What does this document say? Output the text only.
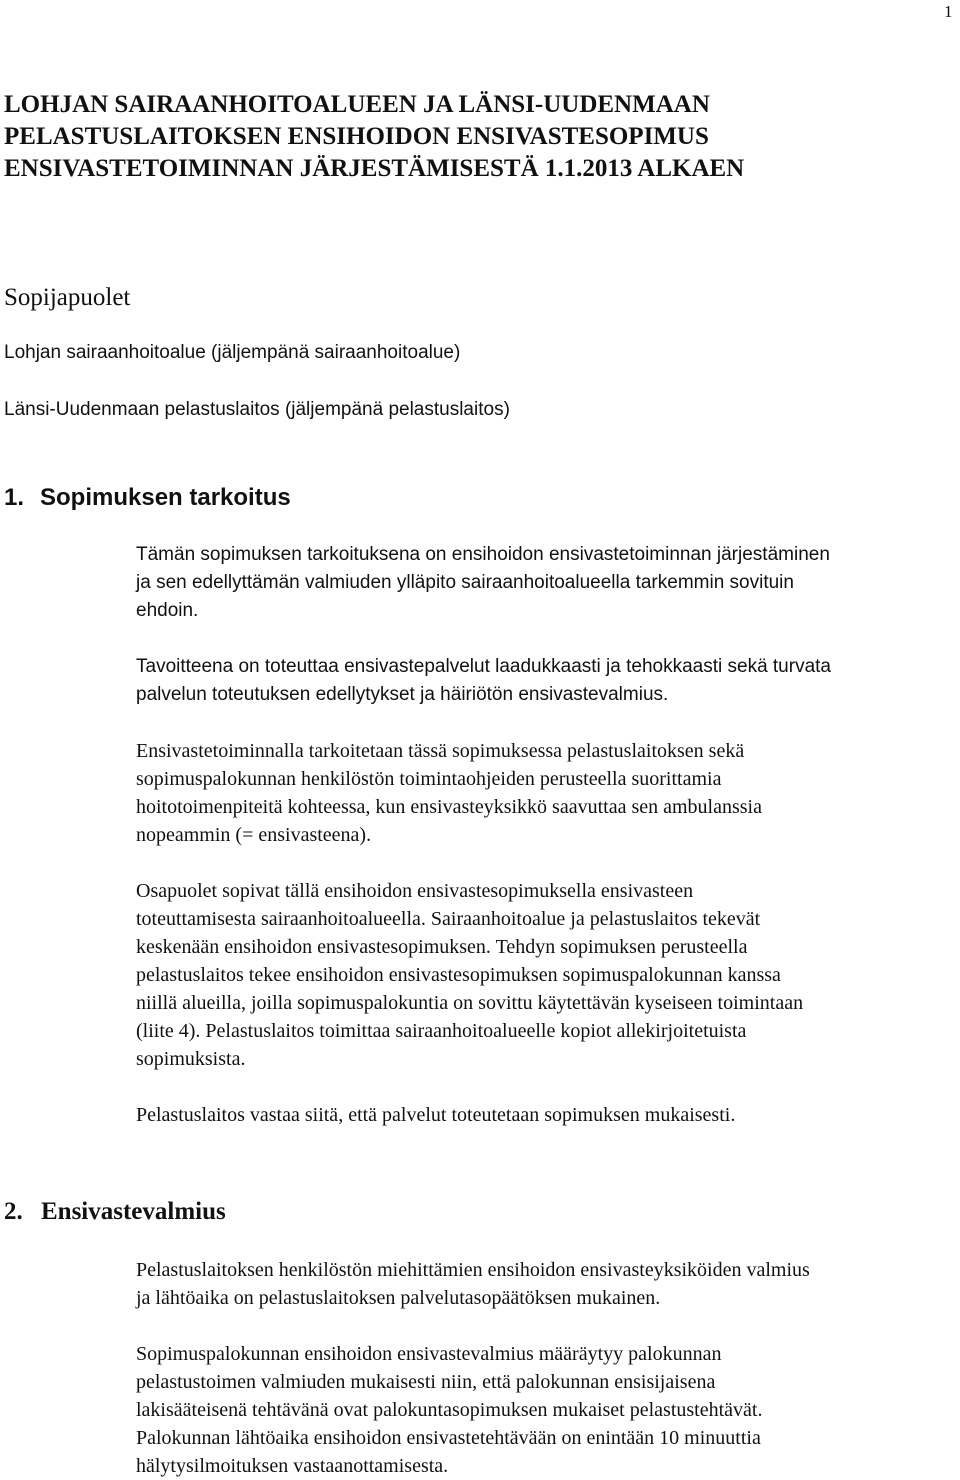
1
LOHJAN SAIRAANHOITOALUEEN JA LÄNSI-UUDENMAAN
PELASTUSLAITOKSEN ENSIHOIDON ENSIVASTESOPIMUS
ENSIVASTETOIMINNAN JÄRJESTÄMISESTÄ 1.1.2013 ALKAEN
Sopijapuolet
Lohjan sairaanhoitoalue (jäljempänä sairaanhoitoalue)
Länsi-Uudenmaan pelastuslaitos (jäljempänä pelastuslaitos)
1. Sopimuksen tarkoitus

Tämän sopimuksen tarkoituksena on ensihoidon ensivastetoiminnan järjestäminen
ja sen edellyttämän valmiuden ylläpito sairaanhoitoalueella tarkemmin sovituin
ehdoin.

Tavoitteena on toteuttaa ensivastepalvelut laadukkaasti ja tehokkaasti sekä turvata
palvelun toteutuksen edellytykset ja häiriötön ensivastevalmius.

Ensivastetoiminnalla tarkoitetaan tässä sopimuksessa pelastuslaitoksen sekä
sopimuspalokunnan henkilöstön toimintaohjeiden perusteella suorittamia
hoitotoimenpiteitä kohteessa, kun ensivasteyksikkö saavuttaa sen ambulanssia
nopeammin (= ensivasteena).

Osapuolet sopivat tällä ensihoidon ensivastesopimuksella ensivasteen
toteuttamisesta sairaanhoitoalueella. Sairaanhoitoalue ja pelastuslaitos tekevät
keskenään ensihoidon ensivastesopimuksen. Tehdyn sopimuksen perusteella
pelastuslaitos tekee ensihoidon ensivastesopimuksen sopimuspalokunnan kanssa
niillä alueilla, joilla sopimuspalokuntia on sovittu käytettävän kyseiseen toimintaan
(liite 4). Pelastuslaitos toimittaa sairaanhoitoalueelle kopiot allekirjoitetuista
sopimuksista.

Pelastuslaitos vastaa siitä, että palvelut toteutetaan sopimuksen mukaisesti.

2. Ensivastevalmius

Pelastuslaitoksen henkilöstön miehittämien ensihoidon ensivasteyksiköiden valmius
ja lähtöaika on pelastuslaitoksen palvelutasopäätöksen mukainen.

Sopimuspalokunnan ensihoidon ensivastevalmius määräytyy palokunnan
pelastustoimen valmiuden mukaisesti niin, että palokunnan ensisijaisena
lakisääteisenä tehtävänä ovat palokuntasopimuksen mukaiset pelastustehtävät.
Palokunnan lähtöaika ensihoidon ensivastetehtävään on enintään 10 minuuttia
hälytysilmoituksen vastaanottamisesta.
